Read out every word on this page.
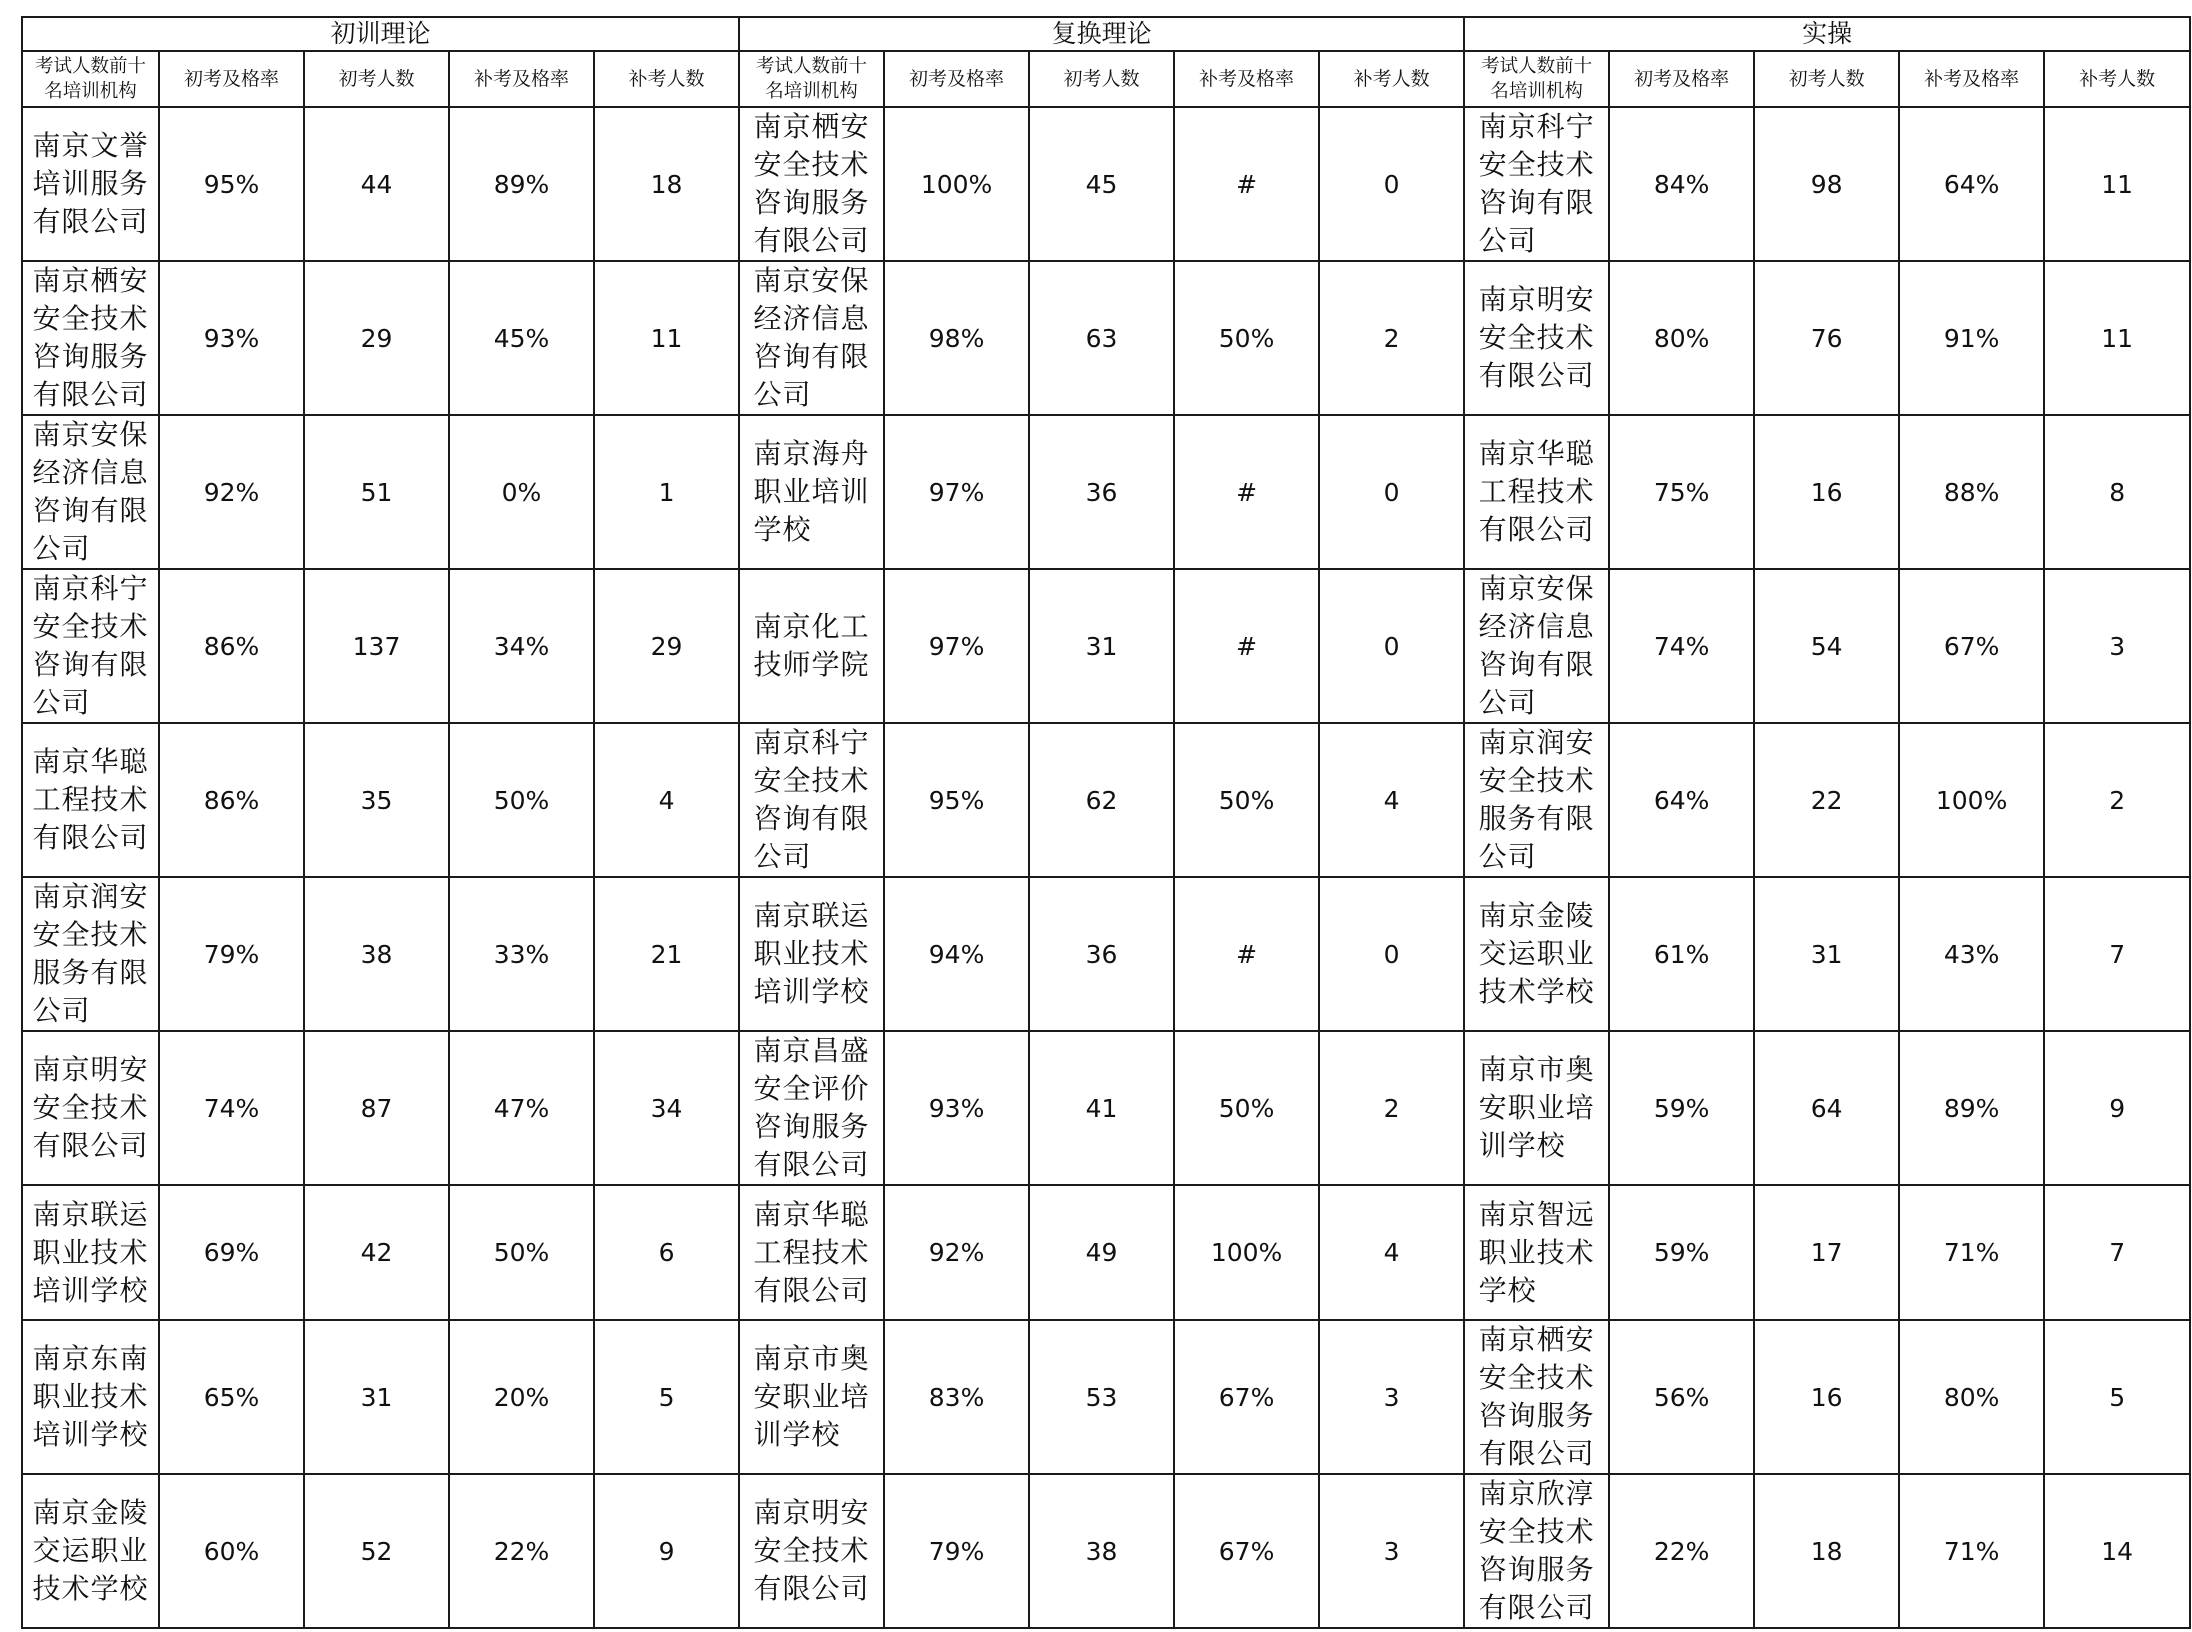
初训理论					复换理论					实操				
考试人数前十
名培训机构	初考及格率	初考人数	补考及格率	补考人数	考试人数前十
名培训机构	初考及格率	初考人数	补考及格率	补考人数	考试人数前十
名培训机构	初考及格率	初考人数	补考及格率	补考人数
南京文誉
培训服务
有限公司	95%	44	89%	18	南京栖安
安全技术
咨询服务
有限公司	100%	45	#	0	南京科宁
安全技术
咨询有限
公司	84%	98	64%	11
南京栖安
安全技术
咨询服务
有限公司	93%	29	45%	11	南京安保
经济信息
咨询有限
公司	98%	63	50%	2	南京明安
安全技术
有限公司	80%	76	91%	11
南京安保
经济信息
咨询有限
公司	92%	51	0%	1	南京海舟
职业培训
学校	97%	36	#	0	南京华聪
工程技术
有限公司	75%	16	88%	8
南京科宁
安全技术
咨询有限
公司	86%	137	34%	29	南京化工
技师学院	97%	31	#	0	南京安保
经济信息
咨询有限
公司	74%	54	67%	3
南京华聪
工程技术
有限公司	86%	35	50%	4	南京科宁
安全技术
咨询有限
公司	95%	62	50%	4	南京润安
安全技术
服务有限
公司	64%	22	100%	2
南京润安
安全技术
服务有限
公司	79%	38	33%	21	南京联运
职业技术
培训学校	94%	36	#	0	南京金陵
交运职业
技术学校	61%	31	43%	7
南京明安
安全技术
有限公司	74%	87	47%	34	南京昌盛
安全评价
咨询服务
有限公司	93%	41	50%	2	南京市奥
安职业培
训学校	59%	64	89%	9
南京联运
职业技术
培训学校	69%	42	50%	6	南京华聪
工程技术
有限公司	92%	49	100%	4	南京智远
职业技术
学校	59%	17	71%	7
南京东南
职业技术
培训学校	65%	31	20%	5	南京市奥
安职业培
训学校	83%	53	67%	3	南京栖安
安全技术
咨询服务
有限公司	56%	16	80%	5
南京金陵
交运职业
技术学校	60%	52	22%	9	南京明安
安全技术
有限公司	79%	38	67%	3	南京欣淳
安全技术
咨询服务
有限公司	22%	18	71%	14
